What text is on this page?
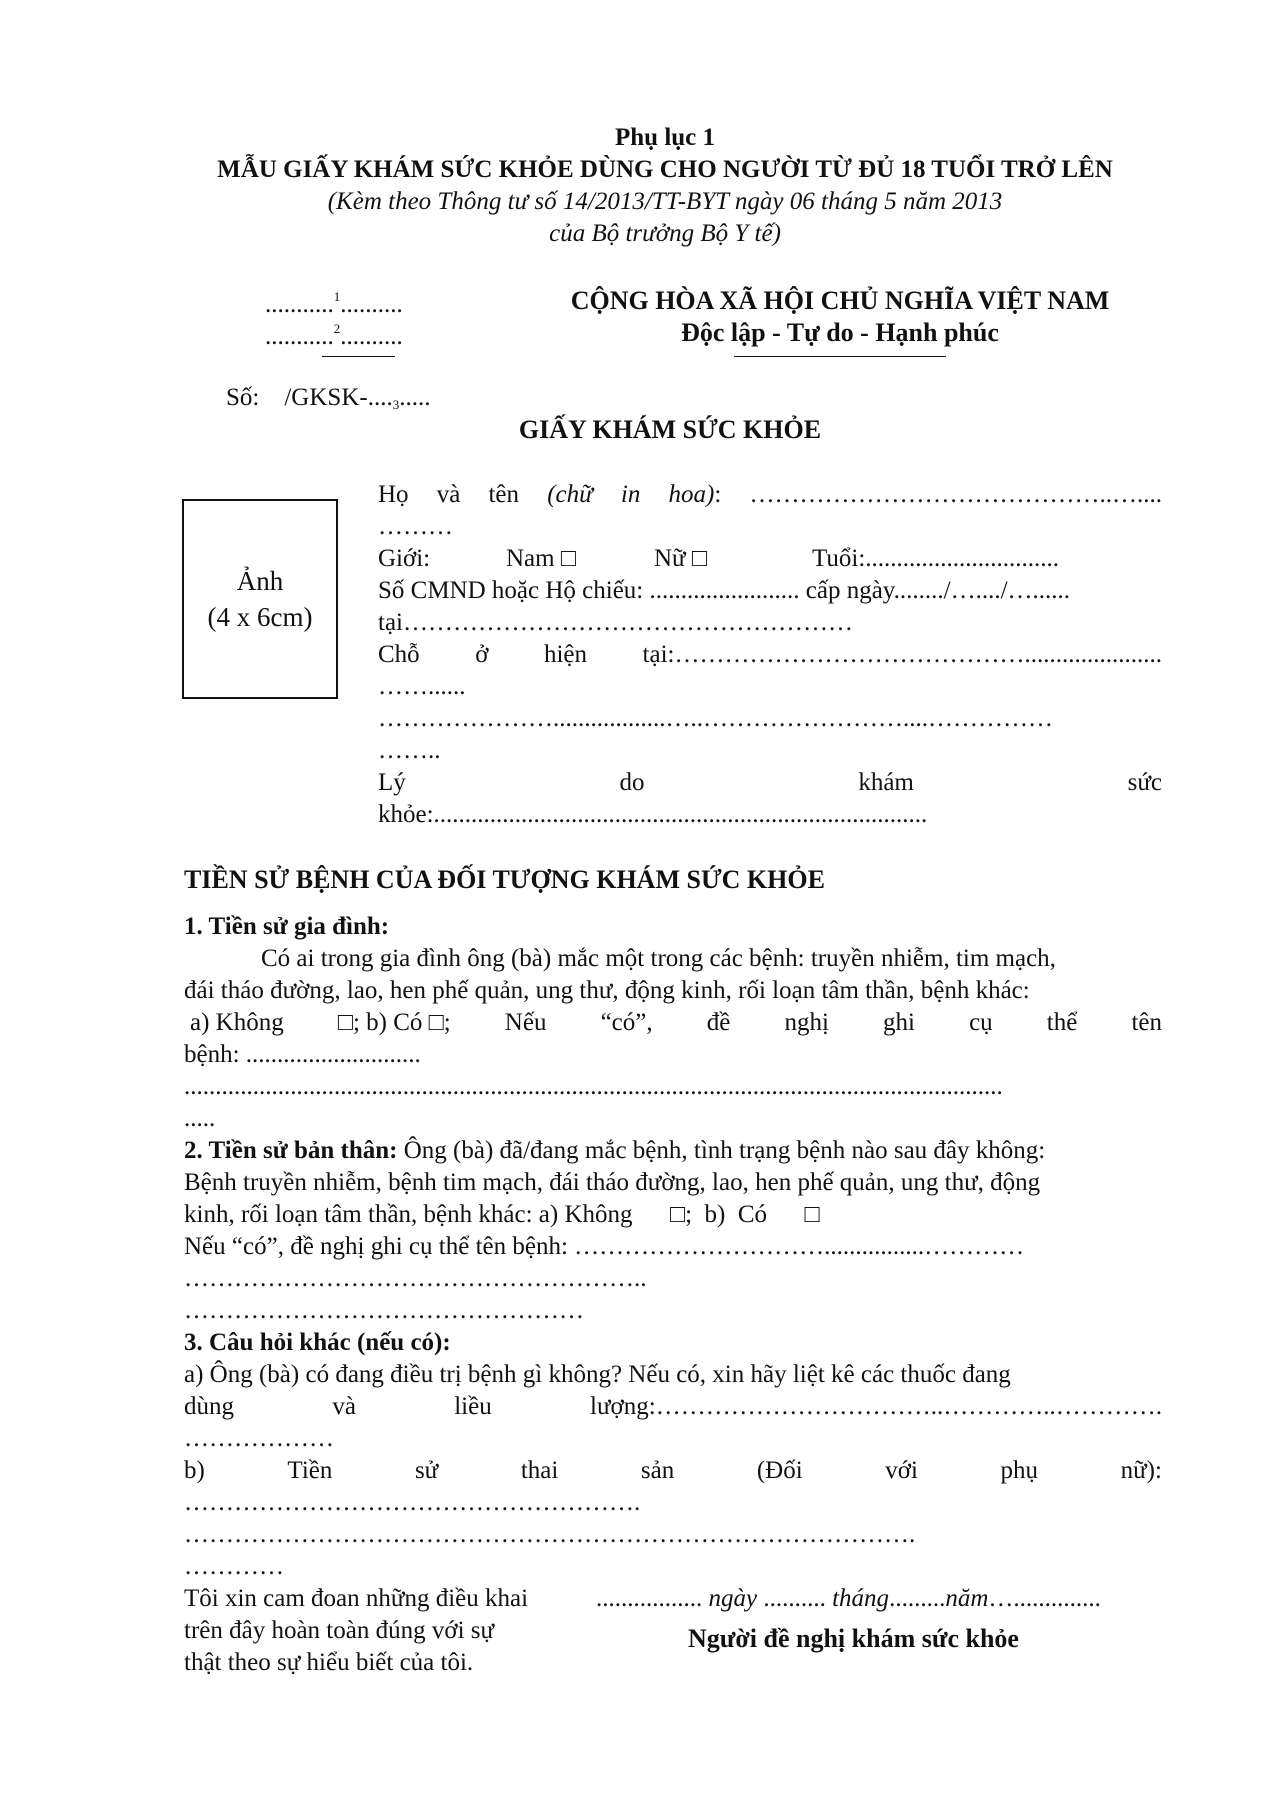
Phụ lục 1
MẪU GIẤY KHÁM SỨC KHỎE DÙNG CHO NGƯỜI TỪ ĐỦ 18 TUỔI TRỞ LÊN
(Kèm theo Thông tư số 14/2013/TT-BYT ngày 06 tháng 5 năm 2013
của Bộ trưởng Bộ Y tế)
...........$^1$..........
...........$^2$..........
CỘNG HÒA XÃ HỘI CHỦ NGHĨA VIỆT NAM
Độc lập - Tự do - Hạnh phúc
Số: $/GKSK-...._3$.....
GIẤY KHÁM SỨC KHỎE
Ảnh
(4 x 6cm)
Họ và tên (chữ in hoa): ……………………………………..…....
………
Giới:	Nam □	Nữ □	Tuổi:...............................
Số CMND hoặc Hộ chiếu: ........................ cấp ngày......../…..../…......
tại………………………………………………
Chỗ ở hiện tại:……………………………………......................
……......
…………………..................…..……………………....……………
……..
Lý	do	khám	sức
khỏe:...............................................................................
TIỀN SỬ BỆNH CỦA ĐỐI TƯỢNG KHÁM SỨC KHỎE
1. Tiền sử gia đình:
Có ai trong gia đình ông (bà) mắc một trong các bệnh: truyền nhiễm, tim mạch,
đái tháo đường, lao, hen phế quản, ung thư, động kinh, rối loạn tâm thần, bệnh khác:
a) Không □; b) Có □; Nếu “có”, đề nghị ghi cụ thể tên
bệnh: ............................
...................................................................................................................................
.....
2. Tiền sử bản thân: Ông (bà) đã/đang mắc bệnh, tình trạng bệnh nào sau đây không:
Bệnh truyền nhiễm, bệnh tim mạch, đái tháo đường, lao, hen phế quản, ung thư, động
kinh, rối loạn tâm thần, bệnh khác: a) Không      □;  b)  Có      □
Nếu “có”, đề nghị ghi cụ thể tên bệnh: …………………………................…………
………………………………………………..
…………………………………………
3. Câu hỏi khác (nếu có):
a) Ông (bà) có đang điều trị bệnh gì không? Nếu có, xin hãy liệt kê các thuốc đang
dùng	và	liều	lượng:……………………………..…………..………….
………………
b)	Tiền	sử	thai	sản	(Đối	với	phụ	nữ):
……………………………………………….
…………………………………………………………………………….
…………
Tôi xin cam đoan những điều khai
trên đây hoàn toàn đúng với sự
thật theo sự hiểu biết của tôi.
................. ngày .......... tháng.........năm…..............
Người đề nghị khám sức khỏe
